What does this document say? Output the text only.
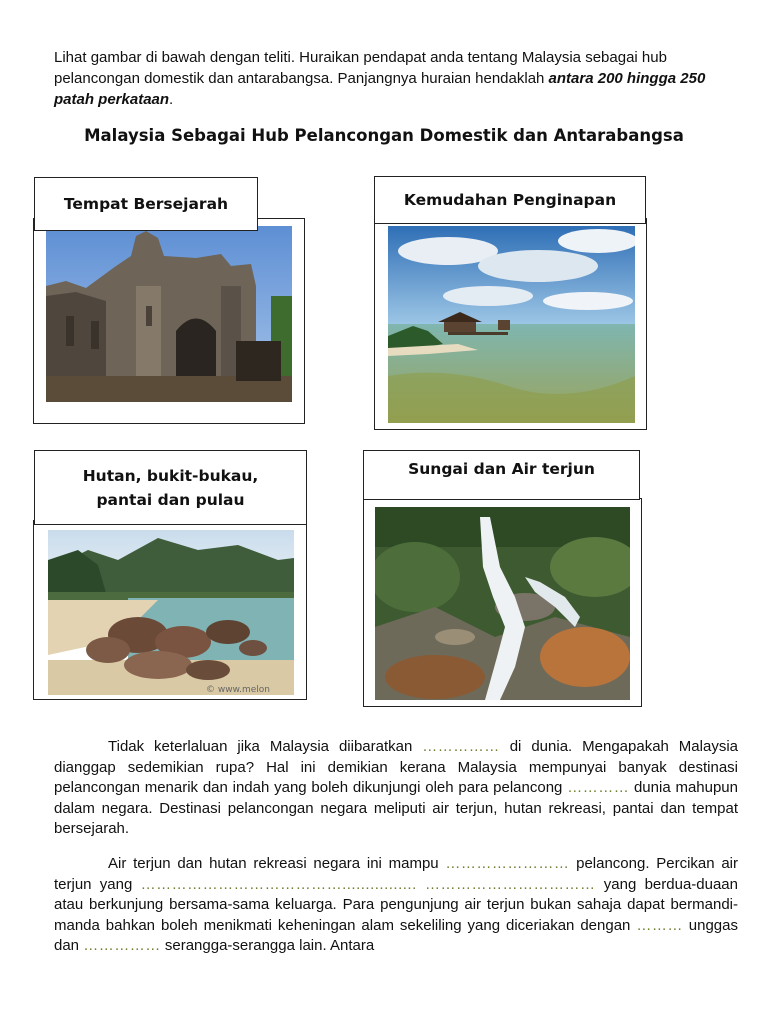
Lihat gambar di bawah dengan teliti. Huraikan pendapat anda tentang Malaysia sebagai hub pelancongan domestik dan antarabangsa. Panjangnya huraian hendaklah antara 200 hingga 250 patah perkataan.
Malaysia Sebagai Hub Pelancongan Domestik dan Antarabangsa
Tempat Bersejarah	Kemudahan Penginapan
© www.melon
Hutan, bukit-bukau,
pantai dan pulau
Sungai dan Air terjun
Tidak keterlaluan jika Malaysia diibaratkan …………… di dunia. Mengapakah Malaysia dianggap sedemikian rupa? Hal ini demikian kerana Malaysia mempunyai banyak destinasi pelancongan menarik dan indah yang boleh dikunjungi oleh para pelancong ………… dunia mahupun dalam negara. Destinasi pelancongan negara meliputi air terjun, hutan rekreasi, pantai dan tempat bersejarah.
Air terjun dan hutan rekreasi negara ini mampu …………………… pelancong. Percikan air terjun yang …………………………………................ …………………………… yang berdua-duaan atau berkunjung bersama-sama keluarga. Para pengunjung air terjun bukan sahaja dapat bermandi-manda bahkan boleh menikmati keheningan alam sekeliling yang diceriakan dengan ……… unggas dan …………… serangga-serangga lain. Antara
